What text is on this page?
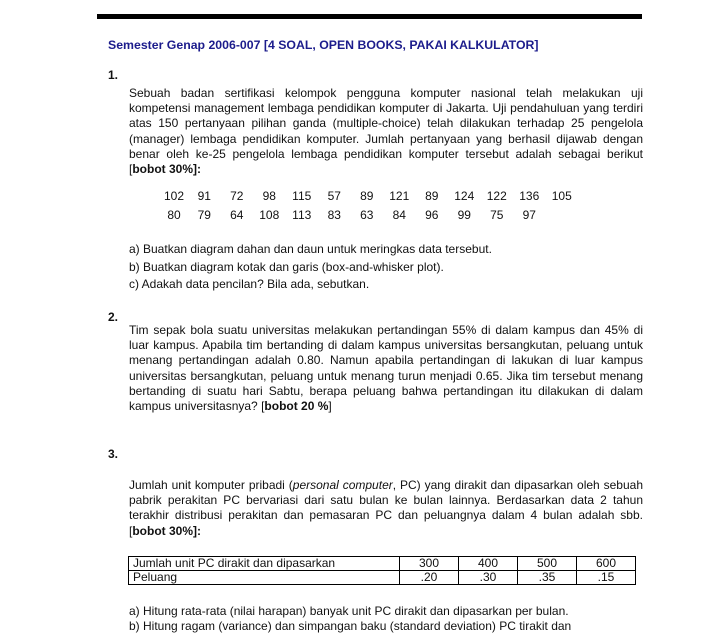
Semester Genap 2006-007 [4 SOAL, OPEN BOOKS, PAKAI KALKULATOR]
1.
Sebuah badan sertifikasi kelompok pengguna komputer nasional telah melakukan uji kompetensi management lembaga pendidikan komputer di Jakarta. Uji pendahuluan yang terdiri atas 150 pertanyaan pilihan ganda (multiple-choice) telah dilakukan terhadap 25 pengelola (manager) lembaga pendidikan komputer. Jumlah pertanyaan yang berhasil dijawab dengan benar oleh ke-25 pengelola lembaga pendidikan komputer tersebut adalah sebagai berikut [bobot 30%]:
102 91 72 98 115 57 89 121 89 124 122 136 105
80 79 64 108 113 83 63 84 96 99 75 97
a) Buatkan diagram dahan dan daun untuk meringkas data tersebut.
b) Buatkan diagram kotak dan garis (box-and-whisker plot).
c) Adakah data pencilan? Bila ada, sebutkan.
2.
Tim sepak bola suatu universitas melakukan pertandingan 55% di dalam kampus dan 45% di luar kampus. Apabila tim bertanding di dalam kampus universitas bersangkutan, peluang untuk menang pertandingan adalah 0.80. Namun apabila pertandingan di lakukan di luar kampus universitas bersangkutan, peluang untuk menang turun menjadi 0.65. Jika tim tersebut menang bertanding di suatu hari Sabtu, berapa peluang bahwa pertandingan itu dilakukan di dalam kampus universitasnya? [bobot 20 %]
3.
Jumlah unit komputer pribadi (personal computer, PC) yang dirakit dan dipasarkan oleh sebuah pabrik perakitan PC bervariasi dari satu bulan ke bulan lainnya. Berdasarkan data 2 tahun terakhir distribusi perakitan dan pemasaran PC dan peluangnya dalam 4 bulan adalah sbb. [bobot 30%]:
Jumlah unit PC dirakit dan dipasarkan	300	400	500	600
Peluang	.20	.30	.35	.15
a) Hitung rata-rata (nilai harapan) banyak unit PC dirakit dan dipasarkan per bulan.
b) Hitung ragam (variance) dan simpangan baku (standard deviation) PC tirakit dan
